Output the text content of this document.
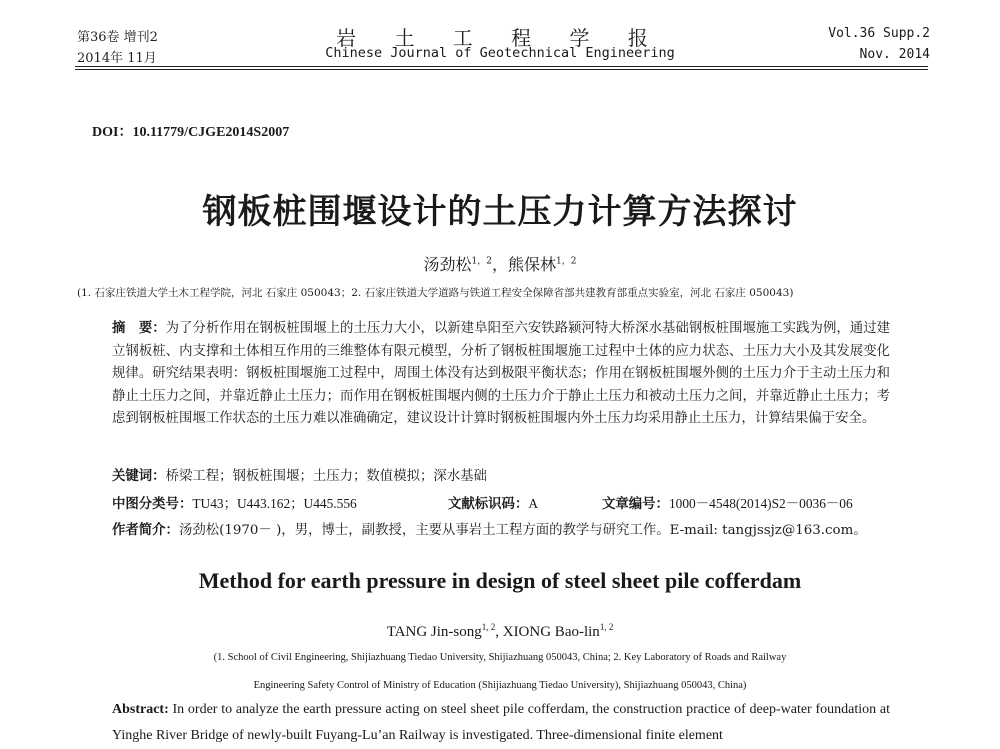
第36卷 增刊2
2014年 11月
岩 土 工 程 学 报
Chinese Journal of Geotechnical Engineering
Vol.36 Supp.2
Nov. 2014
DOI：10.11779/CJGE2014S2007
钢板桩围堰设计的土压力计算方法探讨
汤劲松$^{1,2}$，熊保林$^{1,2}$
(1. 石家庄铁道大学土木工程学院，河北 石家庄 050043；2. 石家庄铁道大学道路与铁道工程安全保障省部共建教育部重点实验室，河北 石家庄 050043)
摘　要：为了分析作用在钢板桩围堰上的土压力大小，以新建阜阳至六安铁路颍河特大桥深水基础钢板桩围堰施工实践为例，通过建立钢板桩、内支撑和土体相互作用的三维整体有限元模型，分析了钢板桩围堰施工过程中土体的应力状态、土压力大小及其发展变化规律。研究结果表明：钢板桩围堰施工过程中，周围土体没有达到极限平衡状态；作用在钢板桩围堰外侧的土压力介于主动土压力和静止土压力之间，并靠近静止土压力；而作用在钢板桩围堰内侧的土压力介于静止土压力和被动土压力之间，并靠近静止土压力；考虑到钢板桩围堰工作状态的土压力难以准确确定，建议设计计算时钢板桩围堰内外土压力均采用静止土压力，计算结果偏于安全。
关键词：桥梁工程；钢板桩围堰；土压力；数值模拟；深水基础
中图分类号：TU43；U443.162；U445.556	文献标识码：A	文章编号：1000－4548(2014)S2－0036－06
作者简介：汤劲松(1970－ )，男，博士，副教授，主要从事岩土工程方面的教学与研究工作。E-mail: tangjssjz@163.com。
Method for earth pressure in design of steel sheet pile cofferdam
TANG Jin-song$^{1, 2}$, XIONG Bao-lin$^{1, 2}$
(1. School of Civil Engineering, Shijiazhuang Tiedao University, Shijiazhuang 050043, China; 2. Key Laboratory of Roads and Railway
Engineering Safety Control of Ministry of Education (Shijiazhuang Tiedao University), Shijiazhuang 050043, China)
Abstract: In order to analyze the earth pressure acting on steel sheet pile cofferdam, the construction practice of deep-water foundation at Yinghe River Bridge of newly-built Fuyang-Lu’an Railway is investigated. Three-dimensional finite element
